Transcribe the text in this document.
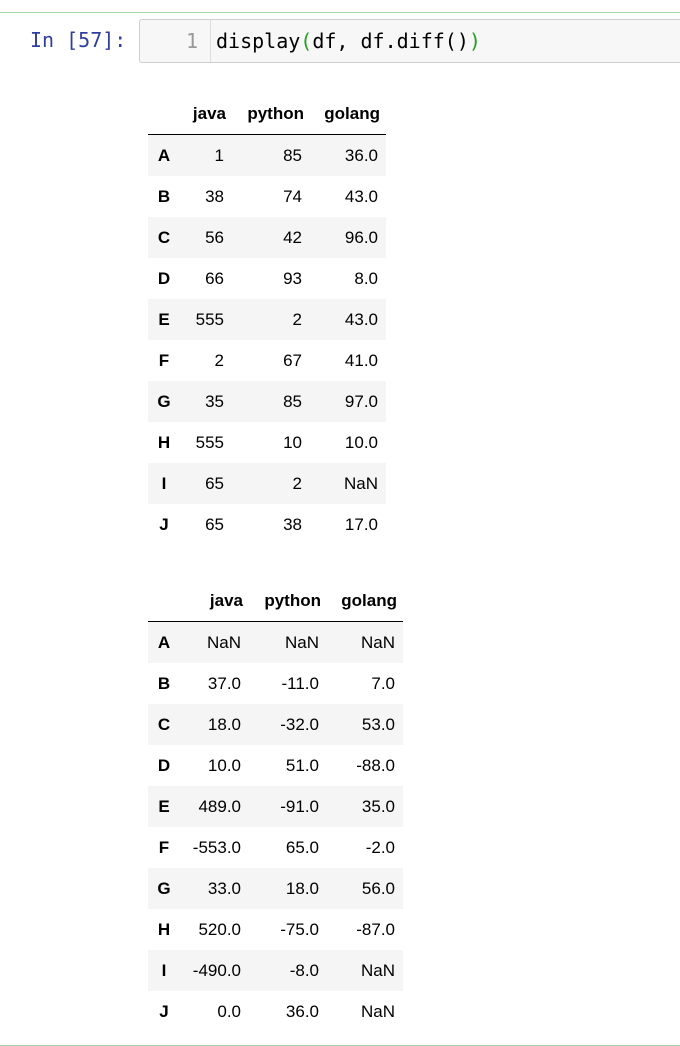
In [57]:	1 display(df, df.diff())
	java	python	golang
A	1	85	36.0
B	38	74	43.0
C	56	42	96.0
D	66	93	8.0
E	555	2	43.0
F	2	67	41.0
G	35	85	97.0
H	555	10	10.0
I	65	2	NaN
J	65	38	17.0
	java	python	golang
A	NaN	NaN	NaN
B	37.0	-11.0	7.0
C	18.0	-32.0	53.0
D	10.0	51.0	-88.0
E	489.0	-91.0	35.0
F	-553.0	65.0	-2.0
G	33.0	18.0	56.0
H	520.0	-75.0	-87.0
I	-490.0	-8.0	NaN
J	0.0	36.0	NaN
